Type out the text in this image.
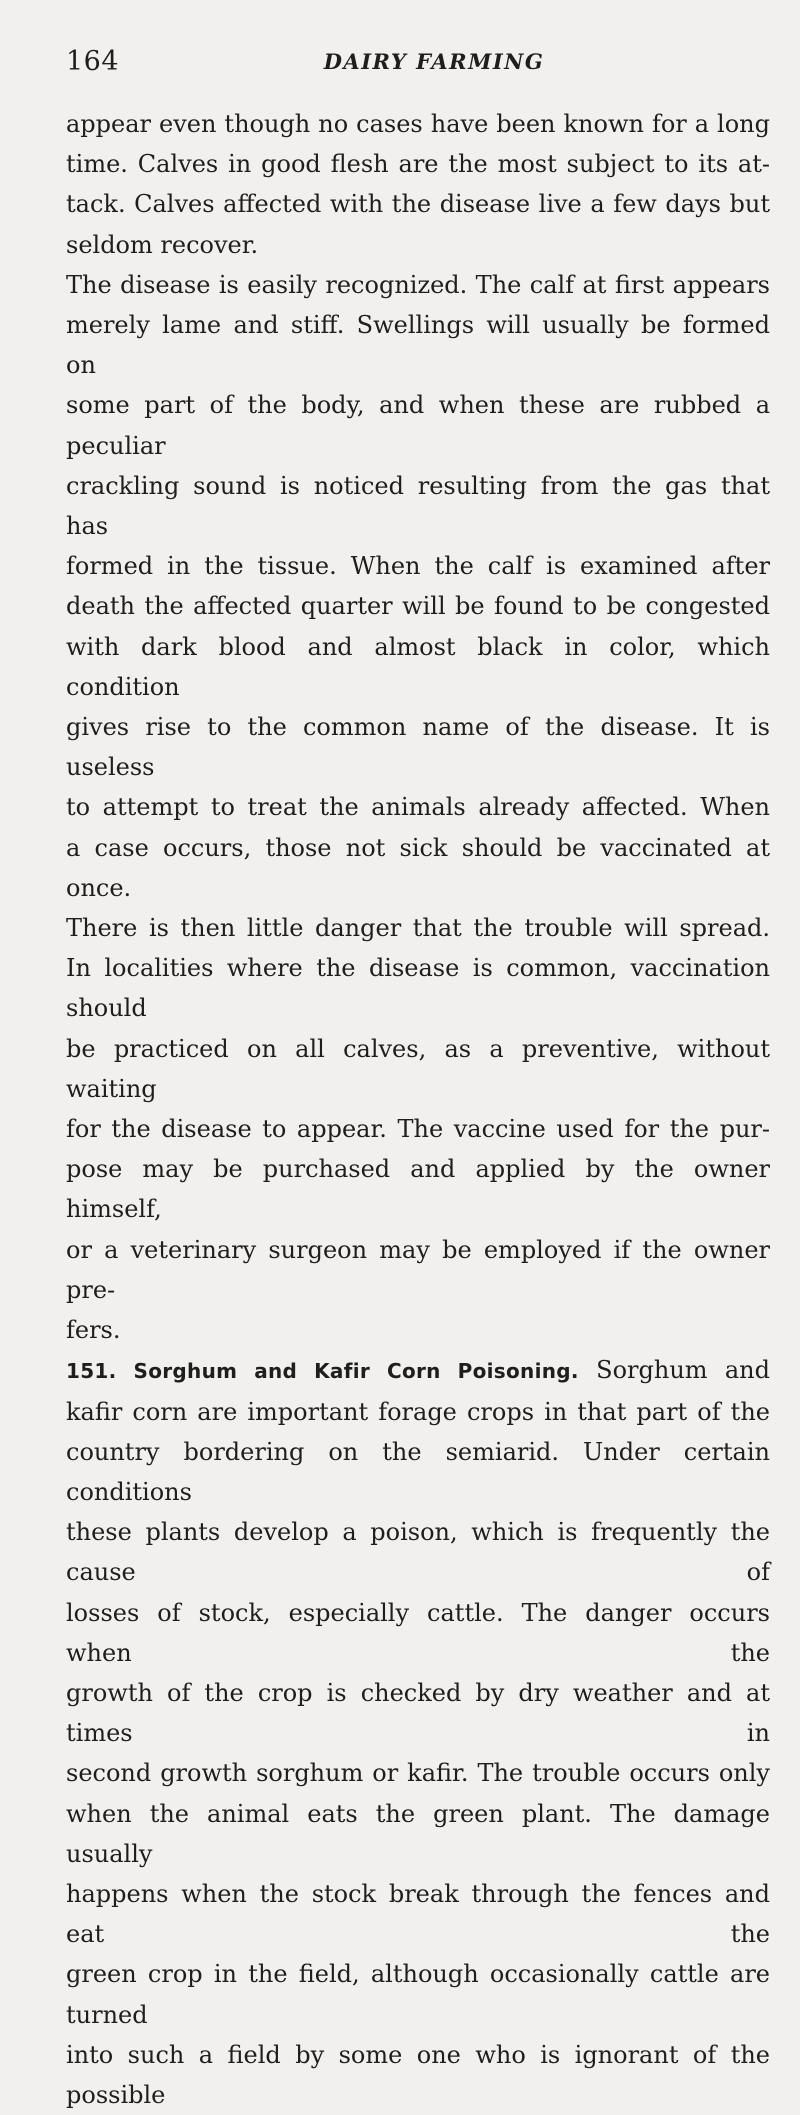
164	DAIRY FARMING

appear even though no cases have been known for a long

time. Calves in good flesh are the most subject to its at-

tack. Calves affected with the disease live a few days but

seldom recover.

The disease is easily recognized. The calf at first appears

merely lame and stiff. Swellings will usually be formed on

some part of the body, and when these are rubbed a peculiar

crackling sound is noticed resulting from the gas that has

formed in the tissue. When the calf is examined after

death the affected quarter will be found to be congested

with dark blood and almost black in color, which condition

gives rise to the common name of the disease. It is useless

to attempt to treat the animals already affected. When

a case occurs, those not sick should be vaccinated at once.

There is then little danger that the trouble will spread.

In localities where the disease is common, vaccination should

be practiced on all calves, as a preventive, without waiting

for the disease to appear. The vaccine used for the pur-

pose may be purchased and applied by the owner himself,

or a veterinary surgeon may be employed if the owner pre-

fers.

151. Sorghum and Kafir Corn Poisoning. Sorghum and

kafir corn are important forage crops in that part of the

country bordering on the semiarid. Under certain conditions

these plants develop a poison, which is frequently the cause of

losses of stock, especially cattle. The danger occurs when the

growth of the crop is checked by dry weather and at times in

second growth sorghum or kafir. The trouble occurs only

when the animal eats the green plant. The damage usually

happens when the stock break through the fences and eat the

green crop in the field, although occasionally cattle are turned

into such a field by some one who is ignorant of the possible
